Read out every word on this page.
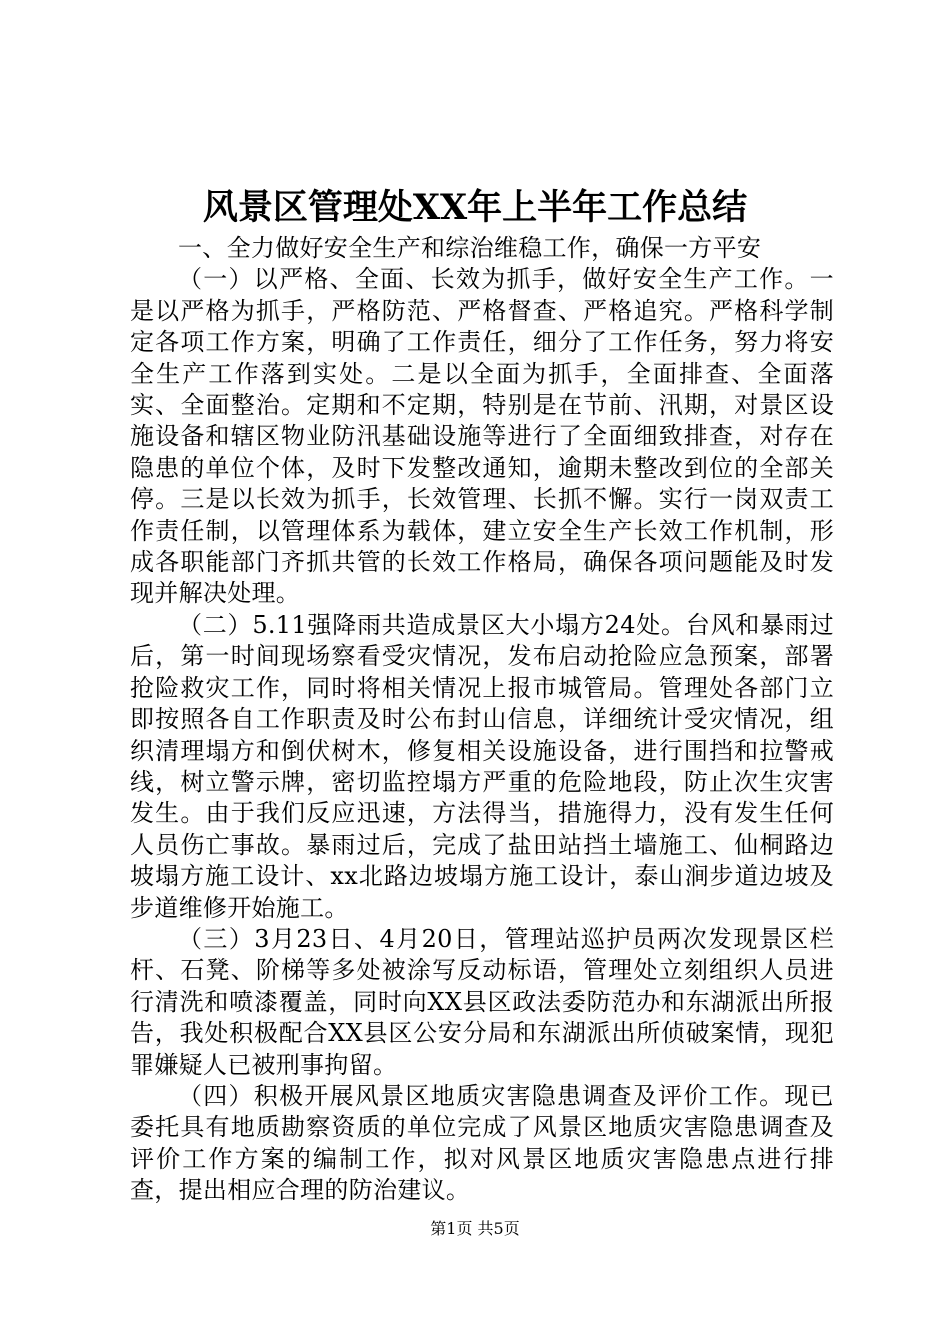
风景区管理处XX年上半年工作总结

一、全力做好安全生产和综治维稳工作，确保一方平安

（一）以严格、全面、长效为抓手，做好安全生产工作。一是以严格为抓手，严格防范、严格督查、严格追究。严格科学制定各项工作方案，明确了工作责任，细分了工作任务，努力将安全生产工作落到实处。二是以全面为抓手，全面排查、全面落实、全面整治。定期和不定期，特别是在节前、汛期，对景区设施设备和辖区物业防汛基础设施等进行了全面细致排查，对存在隐患的单位个体，及时下发整改通知，逾期未整改到位的全部关停。三是以长效为抓手，长效管理、长抓不懈。实行一岗双责工作责任制，以管理体系为载体，建立安全生产长效工作机制，形成各职能部门齐抓共管的长效工作格局，确保各项问题能及时发现并解决处理。

（二）5.11强降雨共造成景区大小塌方24处。台风和暴雨过后，第一时间现场察看受灾情况，发布启动抢险应急预案，部署抢险救灾工作，同时将相关情况上报市城管局。管理处各部门立即按照各自工作职责及时公布封山信息，详细统计受灾情况，组织清理塌方和倒伏树木，修复相关设施设备，进行围挡和拉警戒线，树立警示牌，密切监控塌方严重的危险地段，防止次生灾害发生。由于我们反应迅速，方法得当，措施得力，没有发生任何人员伤亡事故。暴雨过后，完成了盐田站挡土墙施工、仙桐路边坡塌方施工设计、xx北路边坡塌方施工设计，泰山涧步道边坡及步道维修开始施工。

（三）3月23日、4月20日，管理站巡护员两次发现景区栏杆、石凳、阶梯等多处被涂写反动标语，管理处立刻组织人员进行清洗和喷漆覆盖，同时向XX县区政法委防范办和东湖派出所报告，我处积极配合XX县区公安分局和东湖派出所侦破案情，现犯罪嫌疑人已被刑事拘留。

（四）积极开展风景区地质灾害隐患调查及评价工作。现已委托具有地质勘察资质的单位完成了风景区地质灾害隐患调查及评价工作方案的编制工作，拟对风景区地质灾害隐患点进行排查，提出相应合理的防治建议。

第1页 共5页
